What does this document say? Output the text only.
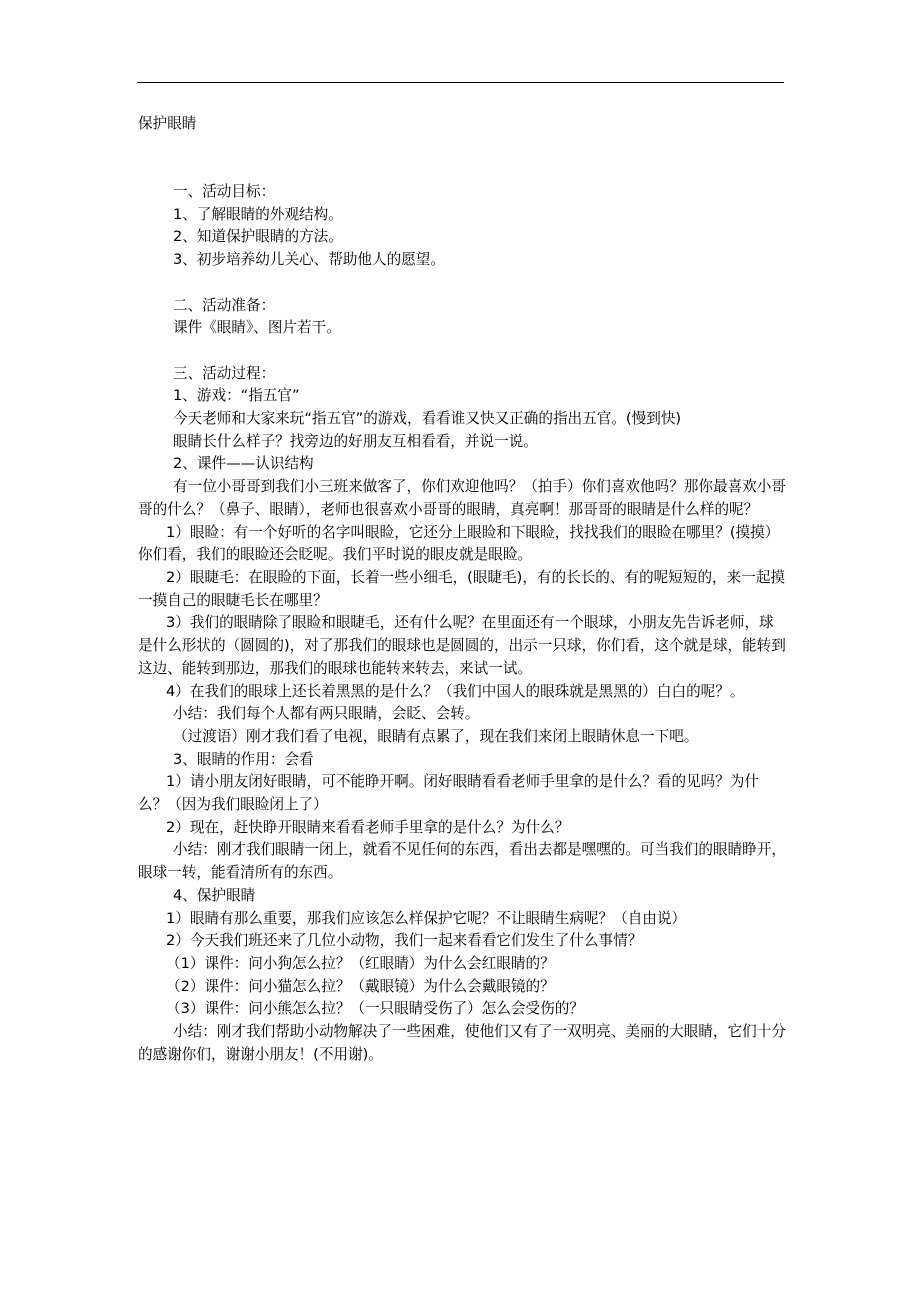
保护眼睛

一、活动目标：

1、了解眼睛的外观结构。

2、知道保护眼睛的方法。

3、初步培养幼儿关心、帮助他人的愿望。

二、活动准备：

课件《眼睛》、图片若干。

三、活动过程：

1、游戏：“指五官”

今天老师和大家来玩“指五官”的游戏，看看谁又快又正确的指出五官。(慢到快)

眼睛长什么样子？找旁边的好朋友互相看看，并说一说。

2、课件——认识结构

有一位小哥哥到我们小三班来做客了，你们欢迎他吗？（拍手）你们喜欢他吗？那你最喜欢小哥哥的什么？（鼻子、眼睛），老师也很喜欢小哥哥的眼睛，真亮啊！那哥哥的眼睛是什么样的呢？

1）眼睑：有一个好听的名字叫眼睑，它还分上眼睑和下眼睑，找找我们的眼睑在哪里？(摸摸）你们看，我们的眼睑还会眨呢。我们平时说的眼皮就是眼睑。

2）眼睫毛：在眼睑的下面，长着一些小细毛，(眼睫毛)，有的长长的、有的呢短短的，来一起摸一摸自己的眼睫毛长在哪里？

3）我们的眼睛除了眼睑和眼睫毛，还有什么呢？在里面还有一个眼球，小朋友先告诉老师，球是什么形状的（圆圆的)，对了那我们的眼球也是圆圆的，出示一只球，你们看，这个就是球，能转到这边、能转到那边，那我们的眼球也能转来转去，来试一试。

4）在我们的眼球上还长着黑黑的是什么？（我们中国人的眼珠就是黑黑的）白白的呢？。

小结：我们每个人都有两只眼睛，会眨、会转。

（过渡语）刚才我们看了电视，眼睛有点累了，现在我们来闭上眼睛休息一下吧。

3、眼睛的作用：会看

1）请小朋友闭好眼睛，可不能睁开啊。闭好眼睛看看老师手里拿的是什么？看的见吗？为什么？（因为我们眼睑闭上了）

2）现在，赶快睁开眼睛来看看老师手里拿的是什么？为什么？

小结：刚才我们眼睛一闭上，就看不见任何的东西，看出去都是嘿嘿的。可当我们的眼睛睁开，眼球一转，能看清所有的东西。

4、保护眼睛

1）眼睛有那么重要，那我们应该怎么样保护它呢？不让眼睛生病呢？（自由说）

2）今天我们班还来了几位小动物，我们一起来看看它们发生了什么事情？

（1）课件：问小狗怎么拉？（红眼睛）为什么会红眼睛的？

（2）课件：问小猫怎么拉？（戴眼镜）为什么会戴眼镜的？

（3）课件：问小熊怎么拉？（一只眼睛受伤了）怎么会受伤的？

小结：刚才我们帮助小动物解决了一些困难，使他们又有了一双明亮、美丽的大眼睛，它们十分的感谢你们，谢谢小朋友！(不用谢)。
